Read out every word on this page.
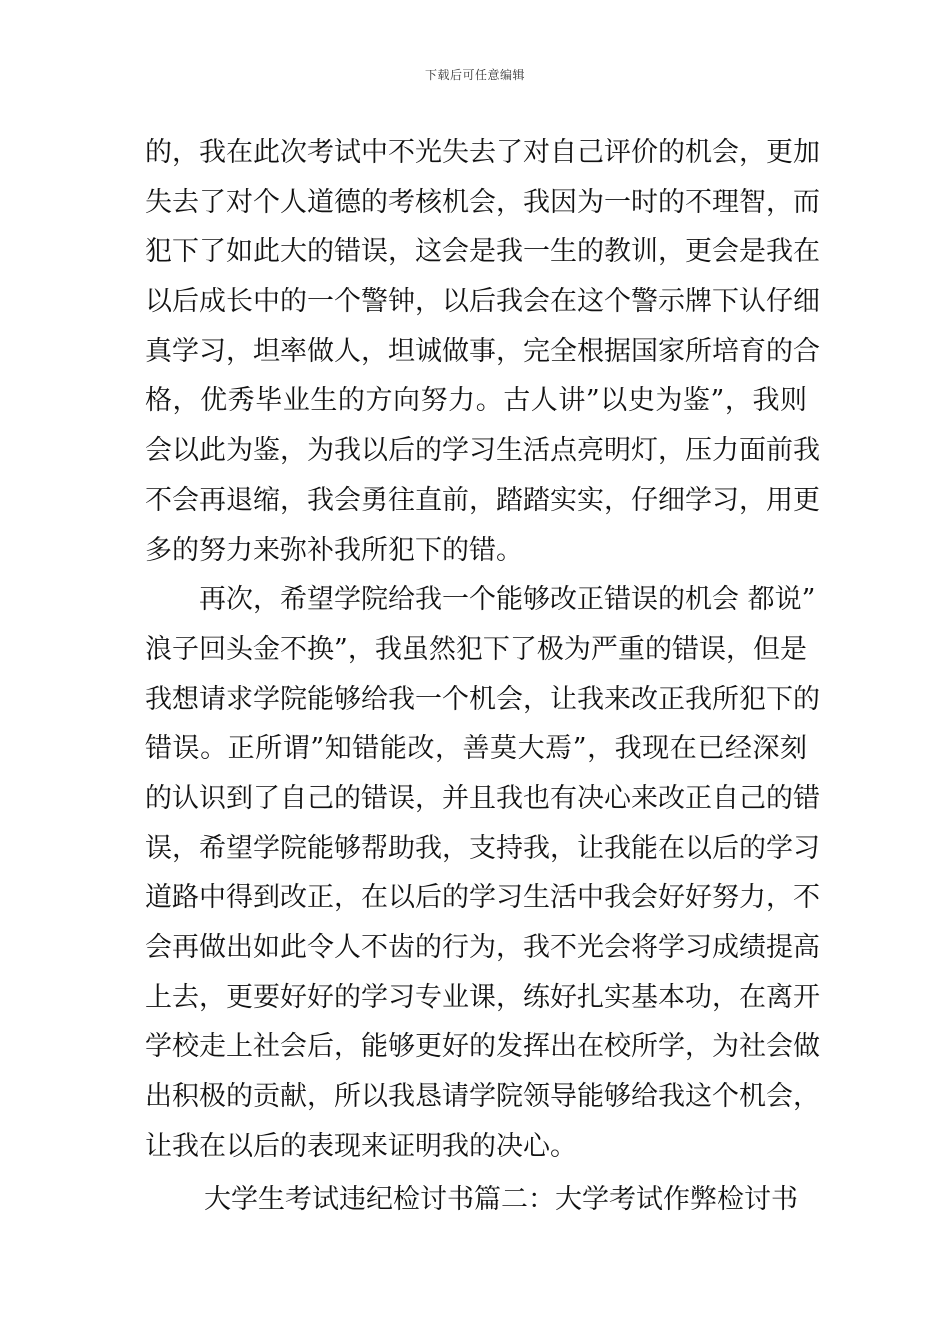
下载后可任意编辑
的，我在此次考试中不光失去了对自己评价的机会，更加
失去了对个人道德的考核机会，我因为一时的不理智，而
犯下了如此大的错误，这会是我一生的教训，更会是我在
以后成长中的一个警钟，以后我会在这个警示牌下认仔细
真学习，坦率做人，坦诚做事，完全根据国家所培育的合
格，优秀毕业生的方向努力。古人讲”以史为鉴”，我则
会以此为鉴，为我以后的学习生活点亮明灯，压力面前我
不会再退缩，我会勇往直前，踏踏实实，仔细学习，用更
多的努力来弥补我所犯下的错。
再次，希望学院给我一个能够改正错误的机会 都说”
浪子回头金不换”，我虽然犯下了极为严重的错误，但是
我想请求学院能够给我一个机会，让我来改正我所犯下的
错误。正所谓”知错能改，善莫大焉”，我现在已经深刻
的认识到了自己的错误，并且我也有决心来改正自己的错
误，希望学院能够帮助我，支持我，让我能在以后的学习
道路中得到改正，在以后的学习生活中我会好好努力，不
会再做出如此令人不齿的行为，我不光会将学习成绩提高
上去，更要好好的学习专业课，练好扎实基本功，在离开
学校走上社会后，能够更好的发挥出在校所学，为社会做
出积极的贡献，所以我恳请学院领导能够给我这个机会，
让我在以后的表现来证明我的决心。
大学生考试违纪检讨书篇二：大学考试作弊检讨书
